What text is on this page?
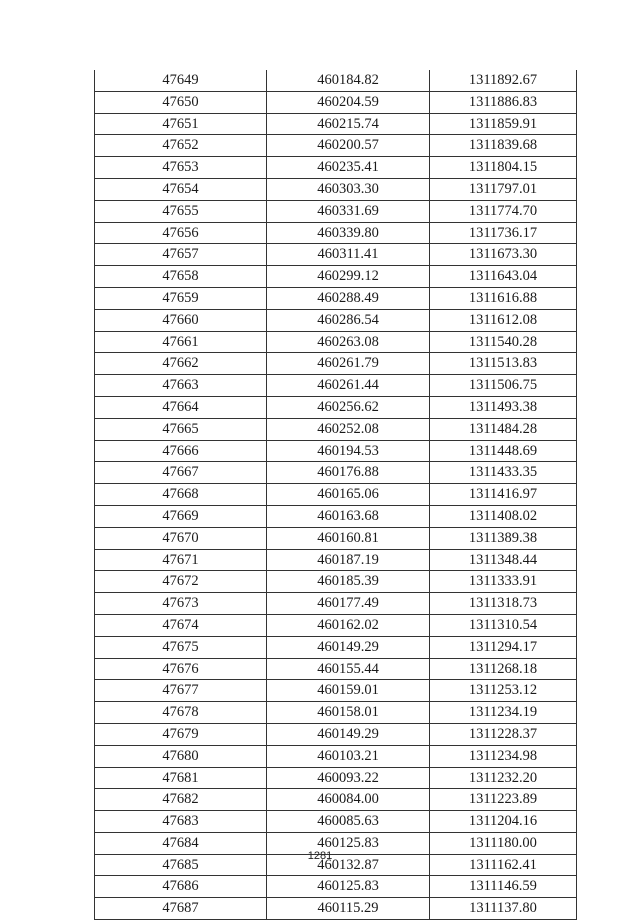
47649	460184.82	1311892.67
47650	460204.59	1311886.83
47651	460215.74	1311859.91
47652	460200.57	1311839.68
47653	460235.41	1311804.15
47654	460303.30	1311797.01
47655	460331.69	1311774.70
47656	460339.80	1311736.17
47657	460311.41	1311673.30
47658	460299.12	1311643.04
47659	460288.49	1311616.88
47660	460286.54	1311612.08
47661	460263.08	1311540.28
47662	460261.79	1311513.83
47663	460261.44	1311506.75
47664	460256.62	1311493.38
47665	460252.08	1311484.28
47666	460194.53	1311448.69
47667	460176.88	1311433.35
47668	460165.06	1311416.97
47669	460163.68	1311408.02
47670	460160.81	1311389.38
47671	460187.19	1311348.44
47672	460185.39	1311333.91
47673	460177.49	1311318.73
47674	460162.02	1311310.54
47675	460149.29	1311294.17
47676	460155.44	1311268.18
47677	460159.01	1311253.12
47678	460158.01	1311234.19
47679	460149.29	1311228.37
47680	460103.21	1311234.98
47681	460093.22	1311232.20
47682	460084.00	1311223.89
47683	460085.63	1311204.16
47684	460125.83	1311180.00
47685	460132.87	1311162.41
47686	460125.83	1311146.59
47687	460115.29	1311137.80
1281
